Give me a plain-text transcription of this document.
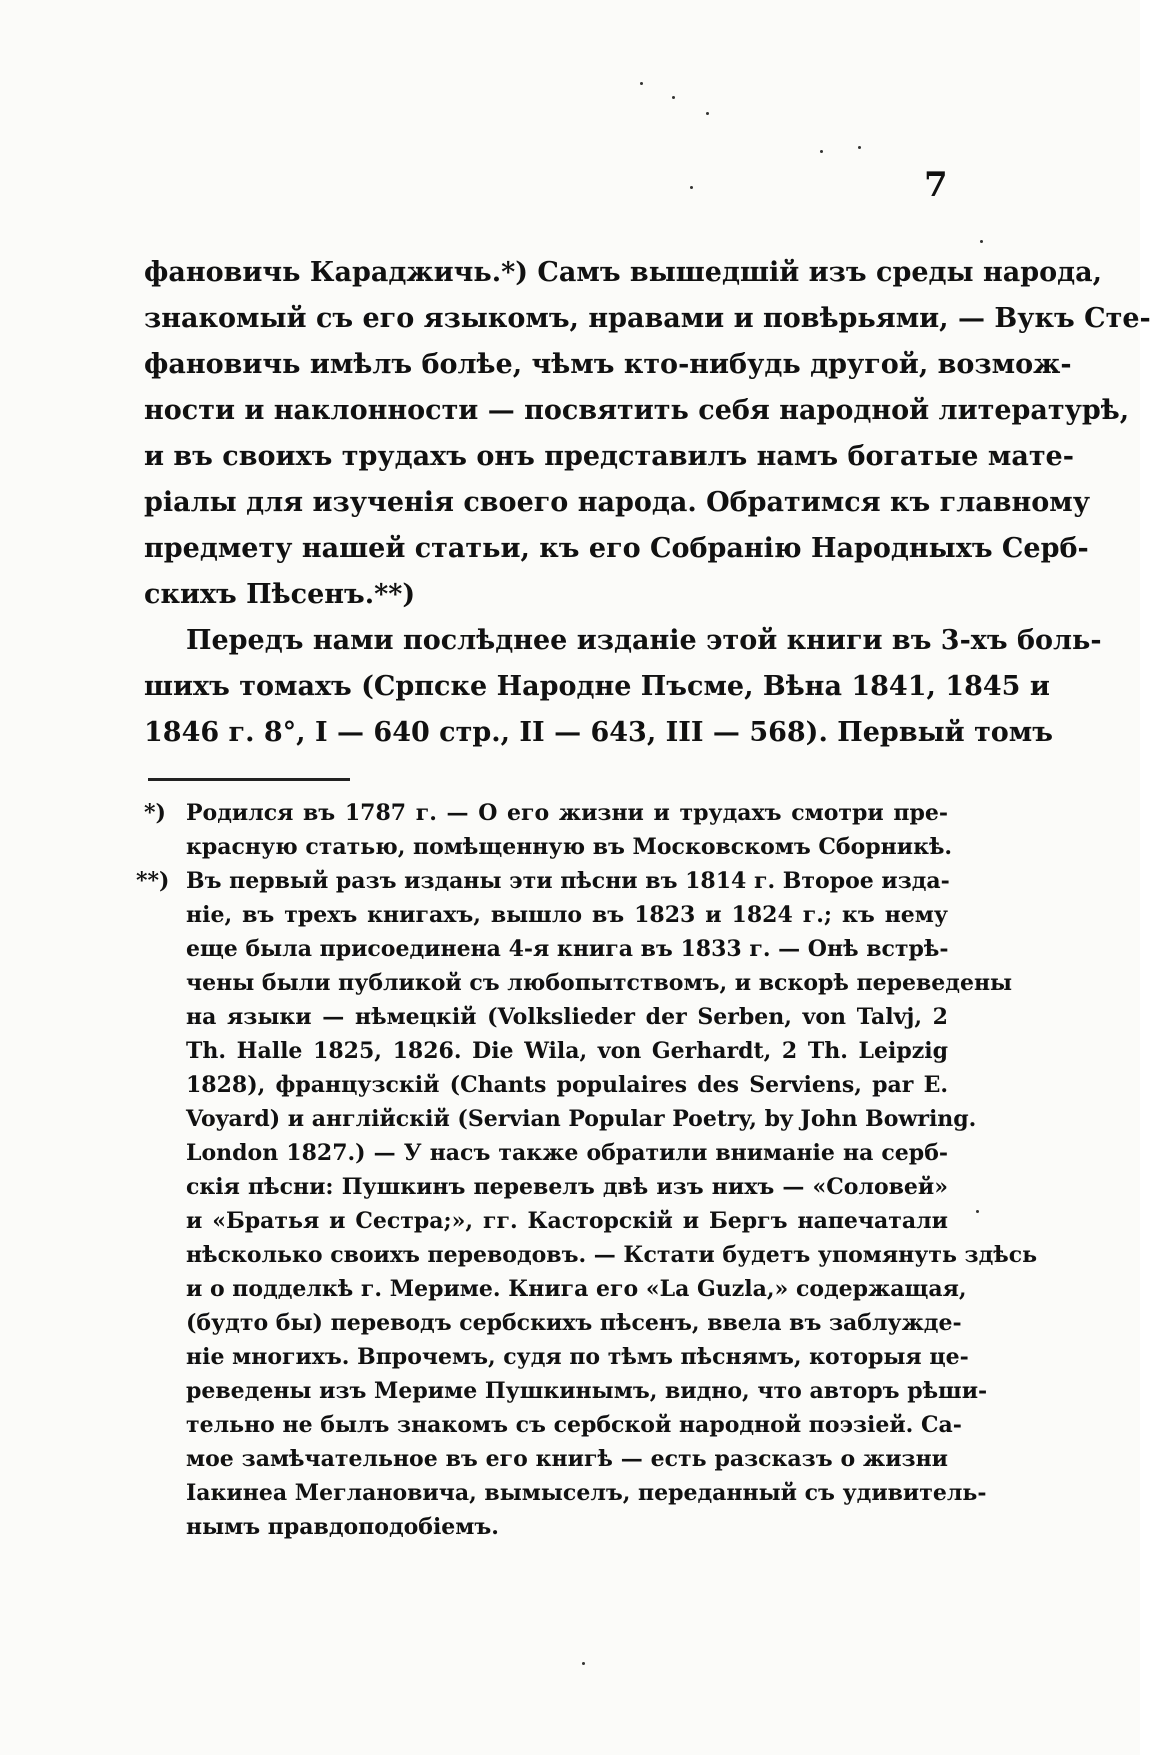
7
фановичь Караджичь.*) Самъ вышедшій изъ среды народа,
знакомый съ его языкомъ, нравами и повѣрьями, — Вукъ Сте-
фановичь имѣлъ болѣе, чѣмъ кто-нибудь другой, возмож-
ности и наклонности — посвятить себя народной литературѣ,
и въ своихъ трудахъ онъ представилъ намъ богатые мате-
ріалы для изученія своего народа. Обратимся къ главному
предмету нашей статьи, къ его Собранію Народныхъ Серб-
скихъ Пѣсенъ.**)
Передъ нами послѣднее изданіе этой книги въ 3-хъ боль-
шихъ томахъ (Српске Народне Пъсме, Вѣна 1841, 1845 и
1846 г. 8°, I — 640 стр., II — 643, III — 568). Первый томъ
*) Родился въ 1787 г. — О его жизни и трудахъ смотри пре-
красную статью, помѣщенную въ Московскомъ Сборникѣ.
**) Въ первый разъ изданы эти пѣсни въ 1814 г. Второе изда-
ніе, въ трехъ книгахъ, вышло въ 1823 и 1824 г.; къ нему
еще была присоединена 4-я книга въ 1833 г. — Онѣ встрѣ-
чены были публикой съ любопытствомъ, и вскорѣ переведены
на языки — нѣмецкій (Volkslieder der Serben, von Talvj, 2
Th. Halle 1825, 1826. Die Wila, von Gerhardt, 2 Th. Leipzig
1828), французскій (Chants populaires des Serviens, par E.
Voyard) и англійскій (Servian Popular Poetry, by John Bowring.
London 1827.) — У насъ также обратили вниманіе на серб-
скія пѣсни: Пушкинъ перевелъ двѣ изъ нихъ — «Соловей»
и «Братья и Сестра;», гг. Касторскій и Бергъ напечатали
нѣсколько своихъ переводовъ. — Кстати будетъ упомянуть здѣсь
и о подделкѣ г. Мериме. Книга его «La Guzla,» содержащая,
(будто бы) переводъ сербскихъ пѣсенъ, ввела въ заблужде-
ніе многихъ. Впрочемъ, судя по тѣмъ пѣснямъ, которыя це-
реведены изъ Мериме Пушкинымъ, видно, что авторъ рѣши-
тельно не былъ знакомъ съ сербской народной поэзіей. Са-
мое замѣчательное въ его книгѣ — есть разсказъ о жизни
Іакинеа Меглановича, вымыселъ, переданный съ удивитель-
нымъ правдоподобіемъ.
